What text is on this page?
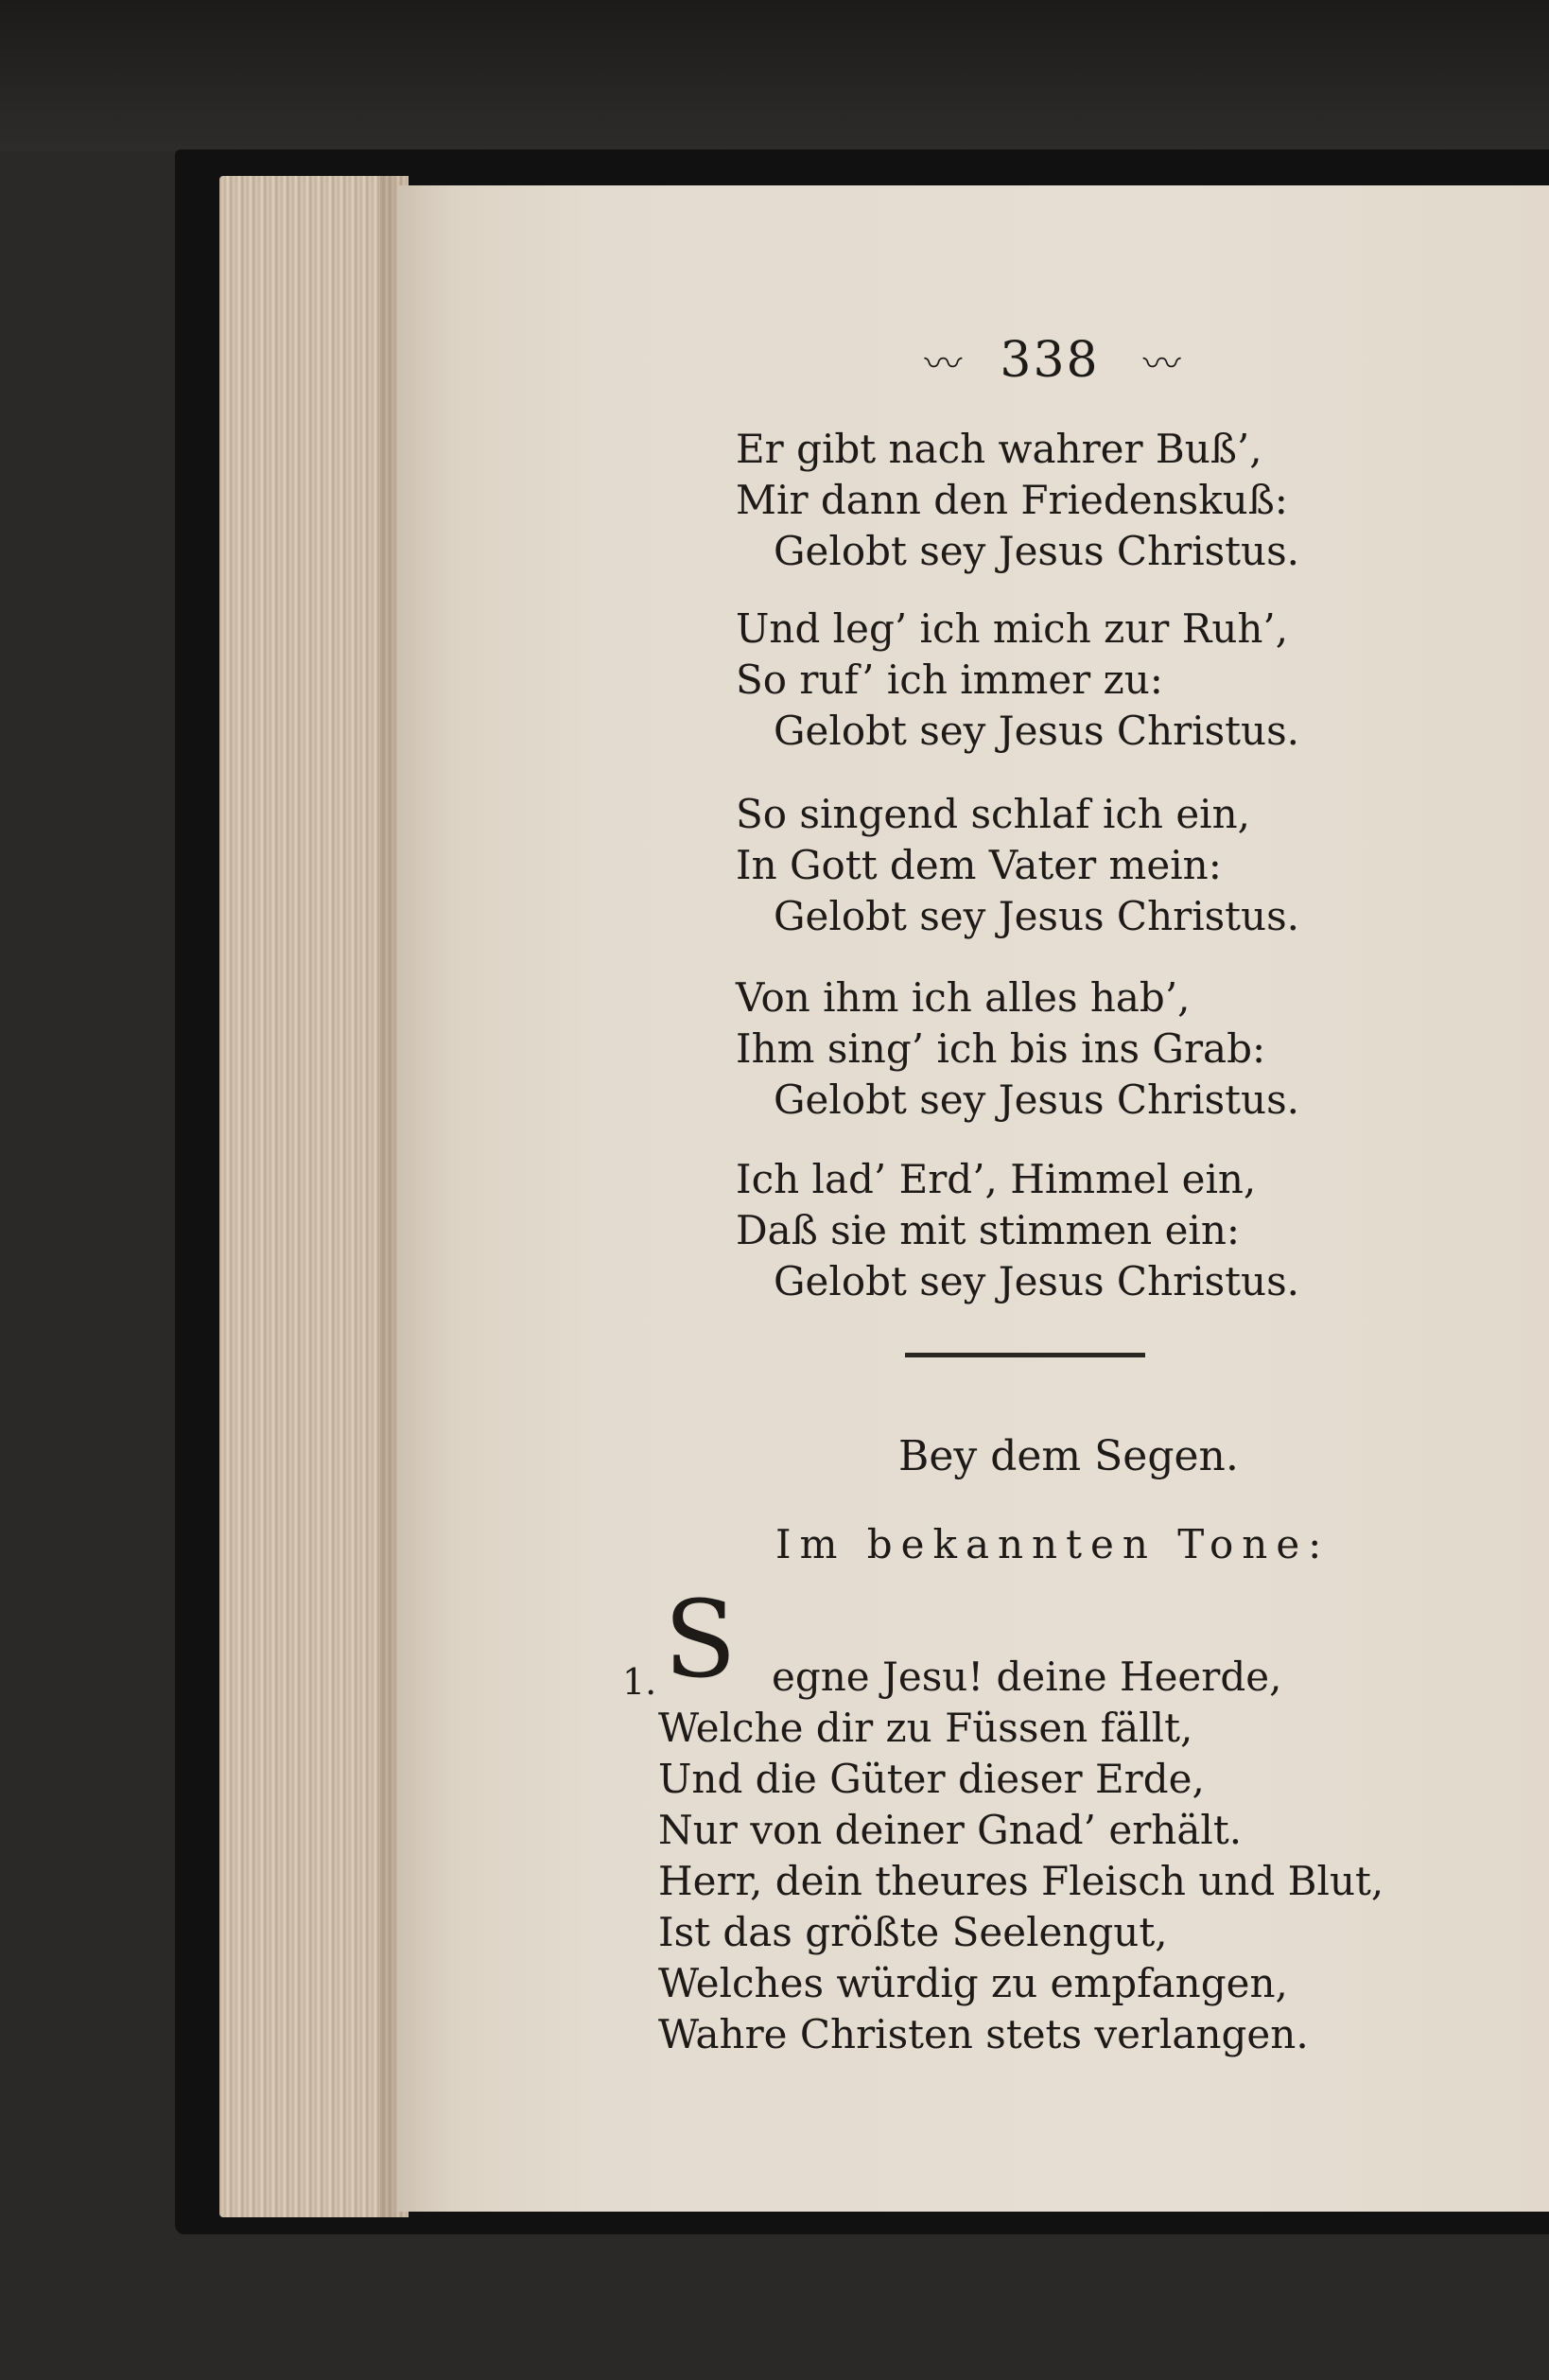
〰 338 〰
Er gibt nach wahrer Buß’,
Mir dann den Friedenskuß:
Gelobt sey Jesus Christus.
Und leg’ ich mich zur Ruh’,
So ruf’ ich immer zu:
Gelobt sey Jesus Christus.
So singend schlaf ich ein,
In Gott dem Vater mein:
Gelobt sey Jesus Christus.
Von ihm ich alles hab’,
Ihm sing’ ich bis ins Grab:
Gelobt sey Jesus Christus.
Ich lad’ Erd’, Himmel ein,
Daß sie mit stimmen ein:
Gelobt sey Jesus Christus.
Bey dem Segen.
Im bekannten Tone:
1. S egne Jesu! deine Heerde,
Welche dir zu Füssen fällt,
Und die Güter dieser Erde,
Nur von deiner Gnad’ erhält.
Herr, dein theures Fleisch und Blut,
Ist das größte Seelengut,
Welches würdig zu empfangen,
Wahre Christen stets verlangen.
